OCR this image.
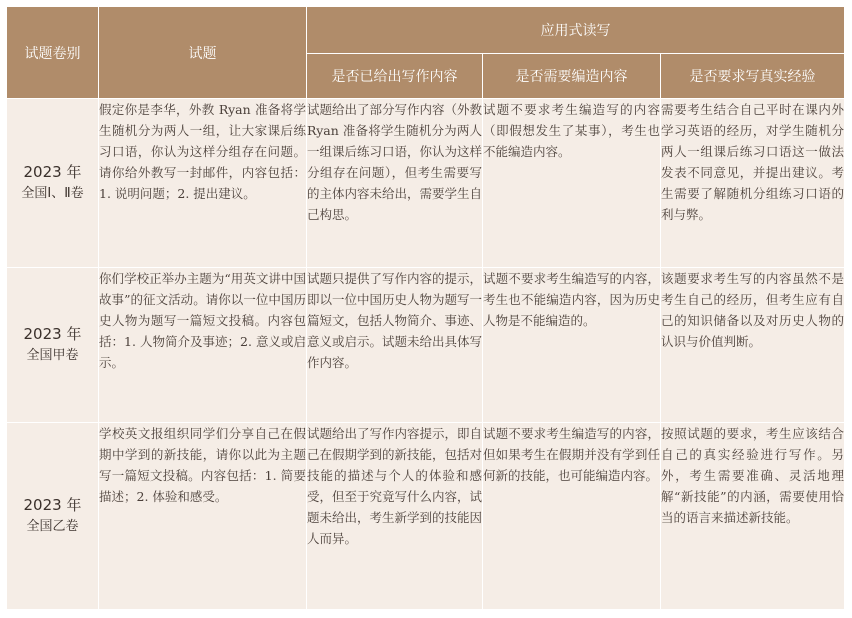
试题卷别	试题	应用式读写		
		是否已给出写作内容	是否需要编造内容	是否要求写真实经验

2023 年
全国Ⅰ、Ⅱ卷	假定你是李华，外教 Ryan 准备将学生随机分为两人一组，让大家课后练习口语，你认为这样分组存在问题。请你给外教写一封邮件，内容包括：1. 说明问题；2. 提出建议。	试题给出了部分写作内容（外教 Ryan 准备将学生随机分为两人一组课后练习口语，你认为这样分组存在问题），但考生需要写的主体内容未给出，需要学生自己构思。	试题不要求考生编造写的内容（即假想发生了某事），考生也不能编造内容。	需要考生结合自己平时在课内外学习英语的经历，对学生随机分两人一组课后练习口语这一做法发表不同意见，并提出建议。考生需要了解随机分组练习口语的利与弊。

2023 年
全国甲卷	你们学校正举办主题为“用英文讲中国故事”的征文活动。请你以一位中国历史人物为题写一篇短文投稿。内容包括：1. 人物简介及事迹；2. 意义或启示。	试题只提供了写作内容的提示，即以一位中国历史人物为题写一篇短文，包括人物简介、事迹、意义或启示。试题未给出具体写作内容。	试题不要求考生编造写的内容，考生也不能编造内容，因为历史人物是不能编造的。	该题要求考生写的内容虽然不是考生自己的经历，但考生应有自己的知识储备以及对历史人物的认识与价值判断。

2023 年
全国乙卷	学校英文报组织同学们分享自己在假期中学到的新技能，请你以此为主题写一篇短文投稿。内容包括：1. 简要描述；2. 体验和感受。	试题给出了写作内容提示，即自己在假期学到的新技能，包括对技能的描述与个人的体验和感受，但至于究竟写什么内容，试题未给出，考生新学到的技能因人而异。	试题不要求考生编造写的内容，但如果考生在假期并没有学到任何新的技能，也可能编造内容。	按照试题的要求，考生应该结合自己的真实经验进行写作。另外，考生需要准确、灵活地理解“新技能”的内涵，需要使用恰当的语言来描述新技能。
